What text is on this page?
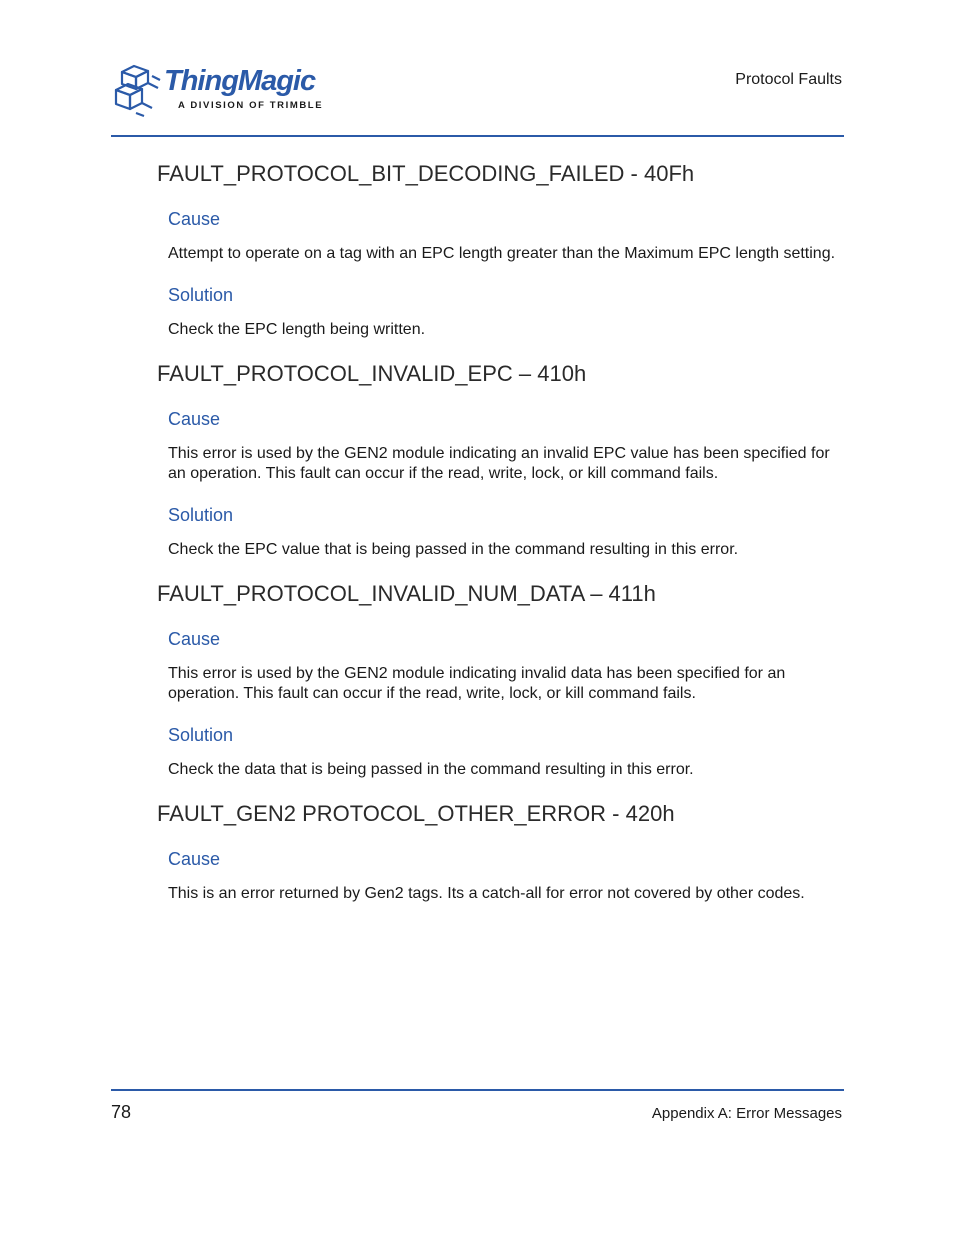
ThingMagic
A DIVISION OF TRIMBLE
Protocol Faults
FAULT_PROTOCOL_BIT_DECODING_FAILED - 40Fh
Cause

Attempt to operate on a tag with an EPC length greater than the Maximum EPC length setting.

Solution

Check the EPC length being written.

FAULT_PROTOCOL_INVALID_EPC – 410h
Cause

This error is used by the GEN2 module indicating an invalid EPC value has been specified for an operation. This fault can occur if the read, write, lock, or kill command fails.

Solution

Check the EPC value that is being passed in the command resulting in this error.

FAULT_PROTOCOL_INVALID_NUM_DATA – 411h
Cause

This error is used by the GEN2 module indicating invalid data has been specified for an operation. This fault can occur if the read, write, lock, or kill command fails.

Solution

Check the data that is being passed in the command resulting in this error.

FAULT_GEN2 PROTOCOL_OTHER_ERROR - 420h
Cause

This is an error returned by Gen2 tags. Its a catch-all for error not covered by other codes.

78	Appendix A: Error Messages
